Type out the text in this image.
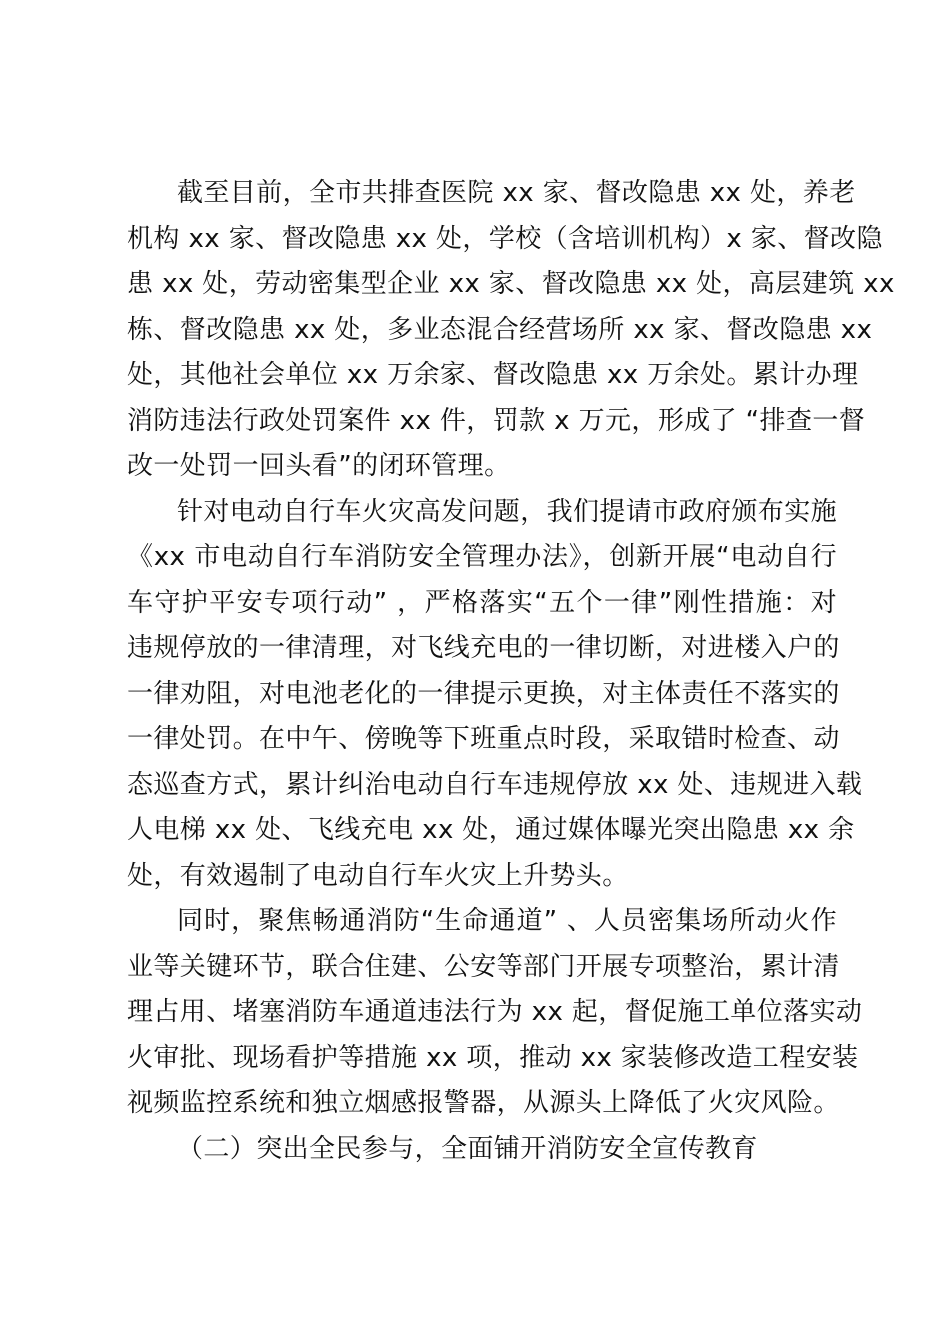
截至目前，全市共排查医院 xx 家、督改隐患 xx 处，养老
机构 xx 家、督改隐患 xx 处，学校（含培训机构）x 家、督改隐
患 xx 处，劳动密集型企业 xx 家、督改隐患 xx 处，高层建筑 xx
栋、督改隐患 xx 处，多业态混合经营场所 xx 家、督改隐患 xx
处，其他社会单位 xx 万余家、督改隐患 xx 万余处。累计办理
消防违法行政处罚案件 xx 件，罚款 x 万元，形成了 “排查一督
改一处罚一回头看”的闭环管理。

针对电动自行车火灾高发问题，我们提请市政府颁布实施
《xx 市电动自行车消防安全管理办法》，创新开展“电动自行
车守护平安专项行动” ，严格落实“五个一律”刚性措施：对
违规停放的一律清理，对飞线充电的一律切断，对进楼入户的
一律劝阻，对电池老化的一律提示更换，对主体责任不落实的
一律处罚。在中午、傍晚等下班重点时段，采取错时检查、动
态巡查方式，累计纠治电动自行车违规停放 xx 处、违规进入载
人电梯 xx 处、飞线充电 xx 处，通过媒体曝光突出隐患 xx 余
处，有效遏制了电动自行车火灾上升势头。

同时，聚焦畅通消防“生命通道” 、人员密集场所动火作
业等关键环节，联合住建、公安等部门开展专项整治，累计清
理占用、堵塞消防车通道违法行为 xx 起，督促施工单位落实动
火审批、现场看护等措施 xx 项，推动 xx 家装修改造工程安装
视频监控系统和独立烟感报警器，从源头上降低了火灾风险。

（二）突出全民参与，全面铺开消防安全宣传教育
